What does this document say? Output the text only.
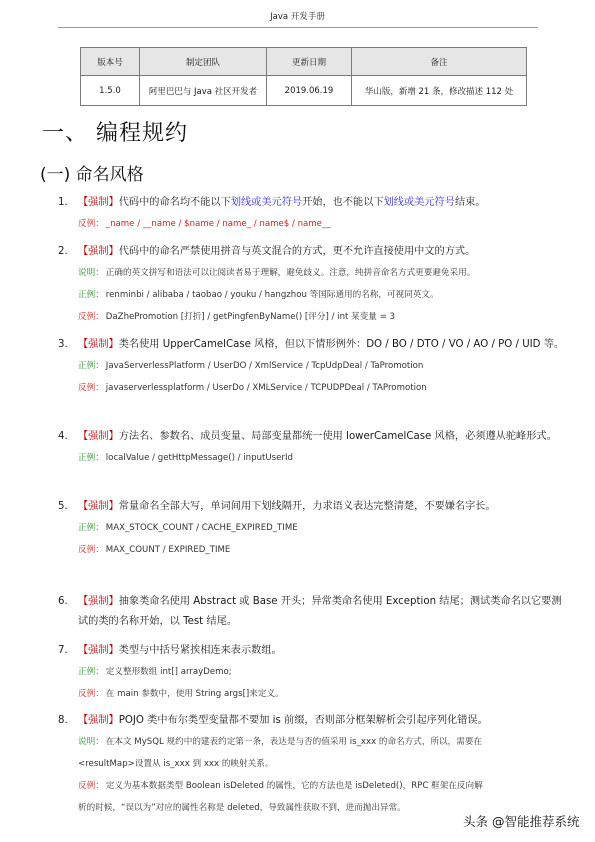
Java 开发手册
版本号	制定团队	更新日期	备注
1.5.0	阿里巴巴与 Java 社区开发者	2019.06.19	华山版，新增 21 条，修改描述 112 处
一、 编程规约
(一) 命名风格
1.	【强制】代码中的命名均不能以下划线或美元符号开始，也不能以下划线或美元符号结束。
反例： _name / __name / $name / name_ / name$ / name__
2.	【强制】代码中的命名严禁使用拼音与英文混合的方式，更不允许直接使用中文的方式。
说明： 正确的英文拼写和语法可以让阅读者易于理解，避免歧义。注意，纯拼音命名方式更要避免采用。
正例： renminbi / alibaba / taobao / youku / hangzhou 等国际通用的名称，可视同英文。
反例： DaZhePromotion [打折] / getPingfenByName() [评分] / int 某变量 = 3
3.	【强制】类名使用 UpperCamelCase 风格，但以下情形例外：DO / BO / DTO / VO / AO / PO / UID 等。
正例： JavaServerlessPlatform / UserDO / XmlService / TcpUdpDeal / TaPromotion
反例： javaserverlessplatform / UserDo / XMLService / TCPUDPDeal / TAPromotion
4.	【强制】方法名、参数名、成员变量、局部变量都统一使用 lowerCamelCase 风格，必须遵从驼峰形式。
正例： localValue / getHttpMessage() / inputUserId
5.	【强制】常量命名全部大写，单词间用下划线隔开，力求语义表达完整清楚，不要嫌名字长。
正例： MAX_STOCK_COUNT / CACHE_EXPIRED_TIME
反例： MAX_COUNT / EXPIRED_TIME
6.	【强制】抽象类命名使用 Abstract 或 Base 开头；异常类命名使用 Exception 结尾；测试类命名以它要测试的类的名称开始，以 Test 结尾。
7.	【强制】类型与中括号紧挨相连来表示数组。
正例： 定义整形数组 int[] arrayDemo;
反例： 在 main 参数中，使用 String args[]来定义。
8.	【强制】POJO 类中布尔类型变量都不要加 is 前缀，否则部分框架解析会引起序列化错误。
说明： 在本文 MySQL 规约中的建表约定第一条，表达是与否的值采用 is_xxx 的命名方式，所以，需要在
<resultMap>设置从 is_xxx 到 xxx 的映射关系。
反例： 定义为基本数据类型 Boolean isDeleted 的属性，它的方法也是 isDeleted()，RPC 框架在反向解
析的时候，“误以为”对应的属性名称是 deleted，导致属性获取不到，进而抛出异常。
头条 @智能推荐系统
